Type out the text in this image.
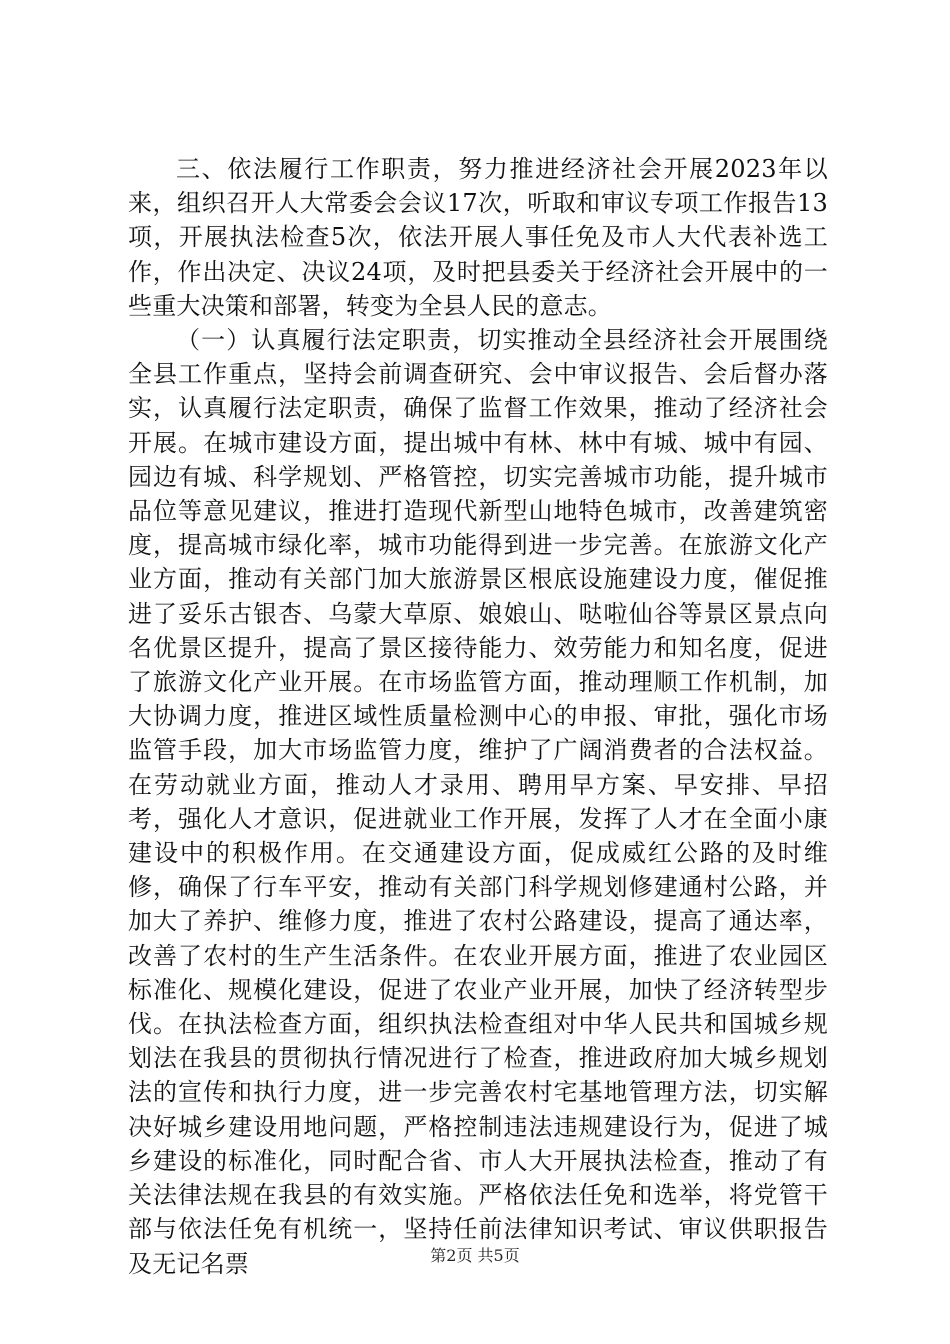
三、依法履行工作职责，努力推进经济社会开展2023年以来，组织召开人大常委会会议17次，听取和审议专项工作报告13项，开展执法检查5次，依法开展人事任免及市人大代表补选工作，作出决定、决议24项，及时把县委关于经济社会开展中的一些重大决策和部署，转变为全县人民的意志。

（一）认真履行法定职责，切实推动全县经济社会开展围绕全县工作重点，坚持会前调查研究、会中审议报告、会后督办落实，认真履行法定职责，确保了监督工作效果，推动了经济社会开展。在城市建设方面，提出城中有林、林中有城、城中有园、园边有城、科学规划、严格管控，切实完善城市功能，提升城市品位等意见建议，推进打造现代新型山地特色城市，改善建筑密度，提高城市绿化率，城市功能得到进一步完善。在旅游文化产业方面，推动有关部门加大旅游景区根底设施建设力度，催促推进了妥乐古银杏、乌蒙大草原、娘娘山、哒啦仙谷等景区景点向名优景区提升，提高了景区接待能力、效劳能力和知名度，促进了旅游文化产业开展。在市场监管方面，推动理顺工作机制，加大协调力度，推进区域性质量检测中心的申报、审批，强化市场监管手段，加大市场监管力度，维护了广阔消费者的合法权益。在劳动就业方面，推动人才录用、聘用早方案、早安排、早招考，强化人才意识，促进就业工作开展，发挥了人才在全面小康建设中的积极作用。在交通建设方面，促成威红公路的及时维修，确保了行车平安，推动有关部门科学规划修建通村公路，并加大了养护、维修力度，推进了农村公路建设，提高了通达率，改善了农村的生产生活条件。在农业开展方面，推进了农业园区标准化、规模化建设，促进了农业产业开展，加快了经济转型步伐。在执法检查方面，组织执法检查组对中华人民共和国城乡规划法在我县的贯彻执行情况进行了检查，推进政府加大城乡规划法的宣传和执行力度，进一步完善农村宅基地管理方法，切实解决好城乡建设用地问题，严格控制违法违规建设行为，促进了城乡建设的标准化，同时配合省、市人大开展执法检查，推动了有关法律法规在我县的有效实施。严格依法任免和选举，将党管干部与依法任免有机统一，坚持任前法律知识考试、审议供职报告及无记名票	第2页 共5页
